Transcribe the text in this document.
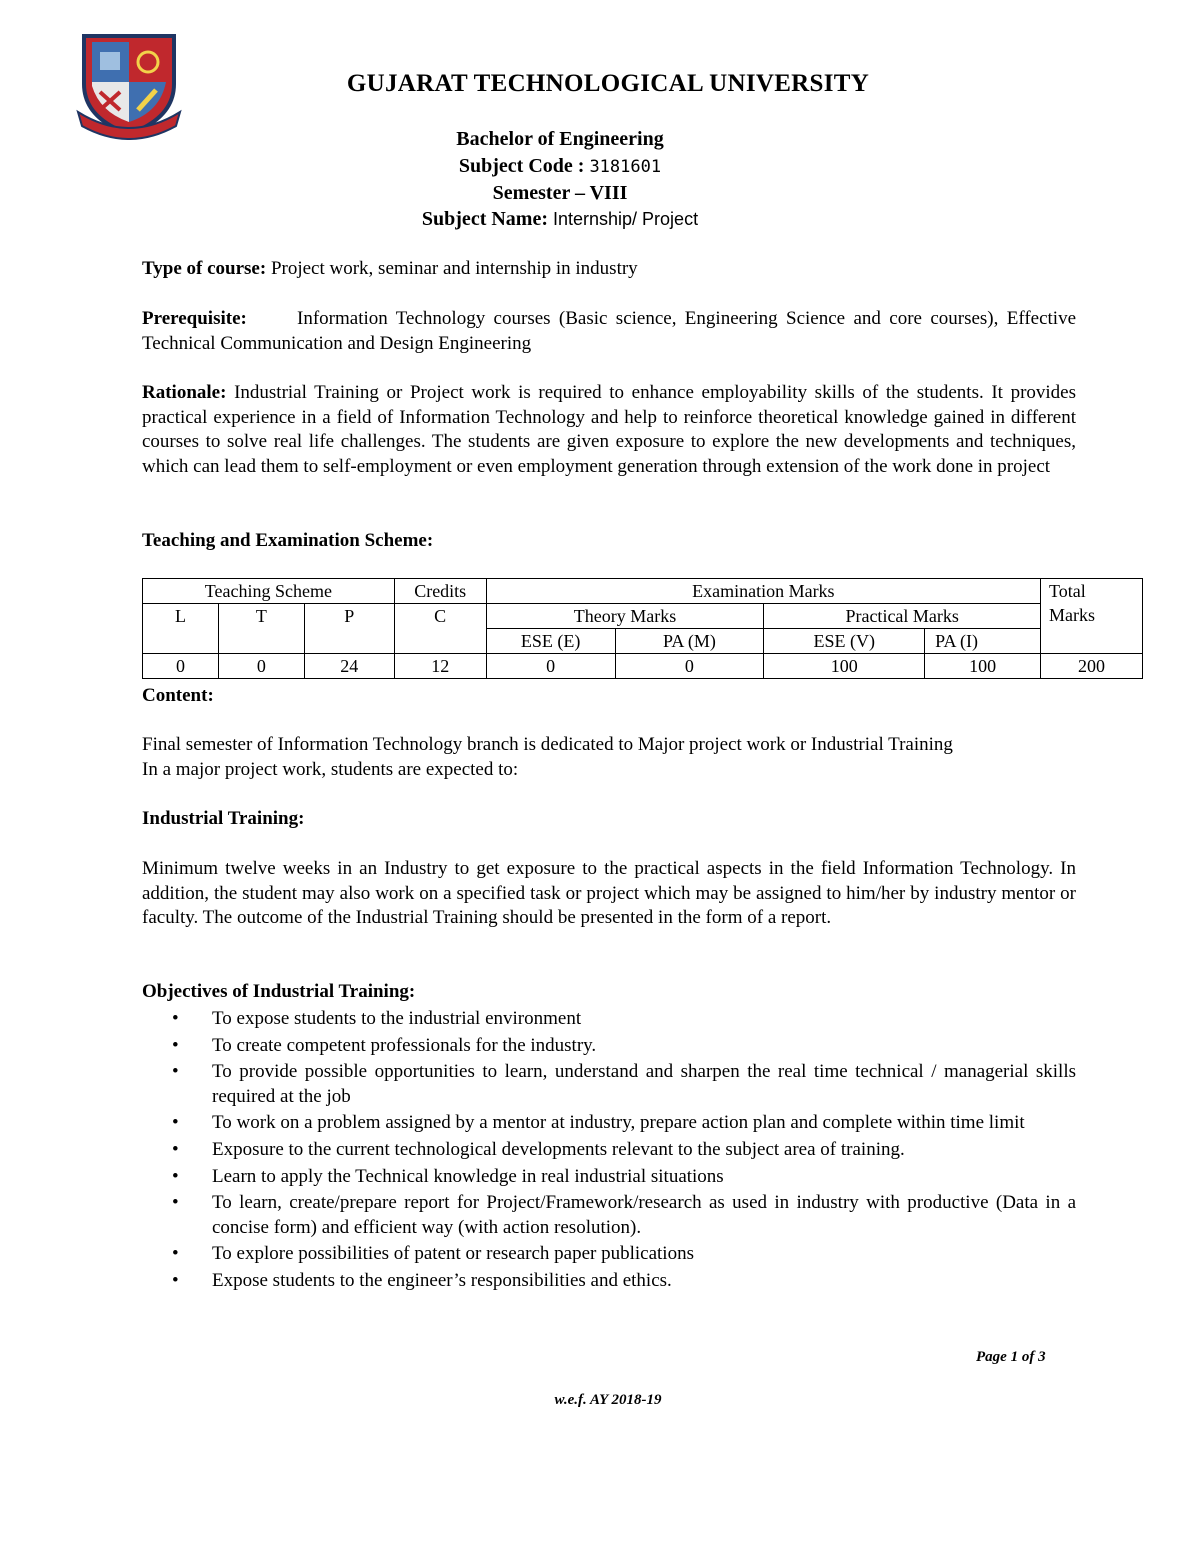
GUJARAT TECHNOLOGICAL UNIVERSITY
Bachelor of Engineering
Subject Code : 3181601
Semester – VIII
Subject Name: Internship/ Project
Type of course: Project work, seminar and internship in industry
Prerequisite:	Information Technology courses (Basic science, Engineering Science and core courses), Effective Technical Communication and Design Engineering
Rationale: Industrial Training or Project work is required to enhance employability skills of the students. It provides practical experience in a field of Information Technology and help to reinforce theoretical knowledge gained in different courses to solve real life challenges. The students are given exposure to explore the new developments and techniques, which can lead them to self-employment or even employment generation through extension of the work done in project
Teaching and Examination Scheme:
Teaching Scheme			Credits	Examination Marks				Total
Marks

L	T	P	C	Theory Marks		Practical Marks		
				ESE (E)	PA (M)	ESE (V)	PA (I)	
0	0	24	12	0	0	100	100	200
Content:
Final semester of Information Technology branch is dedicated to Major project work or Industrial Training
In a major project work, students are expected to:
Industrial Training:
Minimum twelve weeks in an Industry to get exposure to the practical aspects in the field Information Technology. In addition, the student may also work on a specified task or project which may be assigned to him/her by industry mentor or faculty. The outcome of the Industrial Training should be presented in the form of a report.
Objectives of Industrial Training:
• To expose students to the industrial environment
• To create competent professionals for the industry.
• To provide possible opportunities to learn, understand and sharpen the real time technical / managerial skills required at the job
• To work on a problem assigned by a mentor at industry, prepare action plan and complete within time limit
• Exposure to the current technological developments relevant to the subject area of training.
• Learn to apply the Technical knowledge in real industrial situations
• To learn, create/prepare report for Project/Framework/research as used in industry with productive (Data in a concise form) and efficient way (with action resolution).
• To explore possibilities of patent or research paper publications
• Expose students to the engineer’s responsibilities and ethics.
Page 1 of 3
w.e.f. AY 2018-19
